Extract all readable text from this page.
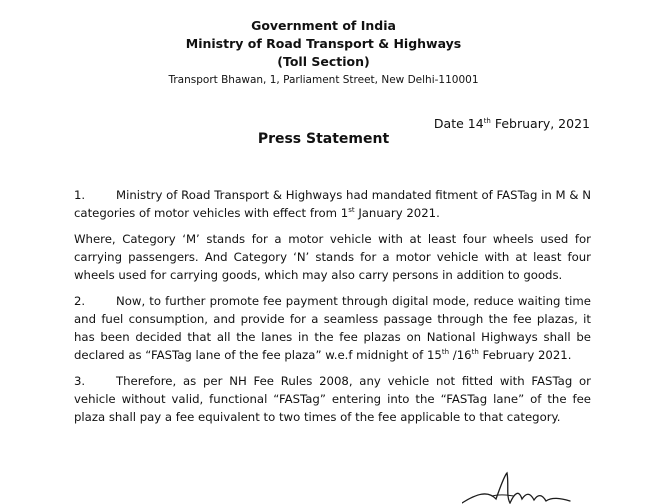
Government of India
Ministry of Road Transport & Highways
(Toll Section)
Transport Bhawan, 1, Parliament Street, New Delhi-110001
Date 14th February, 2021
Press Statement

1.	Ministry of Road Transport & Highways had mandated fitment of FASTag in M & N categories of motor vehicles with effect from 1st January 2021.

Where, Category ‘M’ stands for a motor vehicle with at least four wheels used for carrying passengers. And Category ‘N’ stands for a motor vehicle with at least four wheels used for carrying goods, which may also carry persons in addition to goods.

2.	Now, to further promote fee payment through digital mode, reduce waiting time and fuel consumption, and provide for a seamless passage through the fee plazas, it has been decided that all the lanes in the fee plazas on National Highways shall be declared as “FASTag lane of the fee plaza” w.e.f midnight of 15th /16th February 2021.

3.	Therefore, as per NH Fee Rules 2008, any vehicle not fitted with FASTag or vehicle without valid, functional “FASTag” entering into the “FASTag lane” of the fee plaza shall pay a fee equivalent to two times of the fee applicable to that category.
